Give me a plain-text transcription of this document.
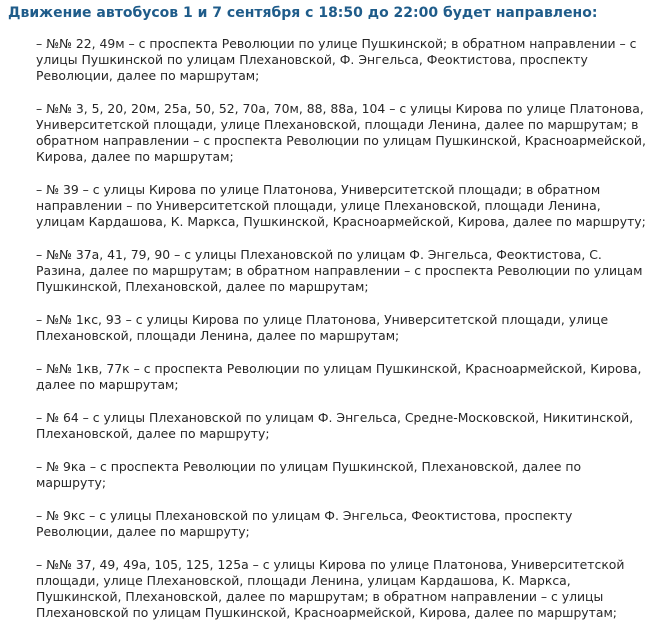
Движение автобусов 1 и 7 сентября с 18:50 до 22:00 будет направлено:
– №№ 22, 49м – с проспекта Революции по улице Пушкинской; в обратном направлении – с улицы Пушкинской по улицам Плехановской, Ф. Энгельса, Феоктистова, проспекту Революции, далее по маршрутам;
– №№ 3, 5, 20, 20м, 25а, 50, 52, 70а, 70м, 88, 88а, 104 – с улицы Кирова по улице Платонова, Университетской площади, улице Плехановской, площади Ленина, далее по маршрутам; в обратном направлении – с проспекта Революции по улицам Пушкинской, Красноармейской, Кирова, далее по маршрутам;
– № 39 – с улицы Кирова по улице Платонова, Университетской площади; в обратном направлении – по Университетской площади, улице Плехановской, площади Ленина, улицам Кардашова, К. Маркса, Пушкинской, Красноармейской, Кирова, далее по маршруту;
– №№ 37а, 41, 79, 90 – с улицы Плехановской по улицам Ф. Энгельса, Феоктистова, С. Разина, далее по маршрутам; в обратном направлении – с проспекта Революции по улицам Пушкинской, Плехановской, далее по маршрутам;
– №№ 1кс, 93 – с улицы Кирова по улице Платонова, Университетской площади, улице Плехановской, площади Ленина, далее по маршрутам;
– №№ 1кв, 77к – с проспекта Революции по улицам Пушкинской, Красноармейской, Кирова, далее по маршрутам;
– № 64 – с улицы Плехановской по улицам Ф. Энгельса, Средне-Московской, Никитинской, Плехановской, далее по маршруту;
– № 9ка – с проспекта Революции по улицам Пушкинской, Плехановской, далее по маршруту;
– № 9кс – с улицы Плехановской по улицам Ф. Энгельса, Феоктистова, проспекту Революции, далее по маршруту;
– №№ 37, 49, 49а, 105, 125, 125а – с улицы Кирова по улице Платонова, Университетской площади, улице Плехановской, площади Ленина, улицам Кардашова, К. Маркса, Пушкинской, Плехановской, далее по маршрутам; в обратном направлении – с улицы Плехановской по улицам Пушкинской, Красноармейской, Кирова, далее по маршрутам;
